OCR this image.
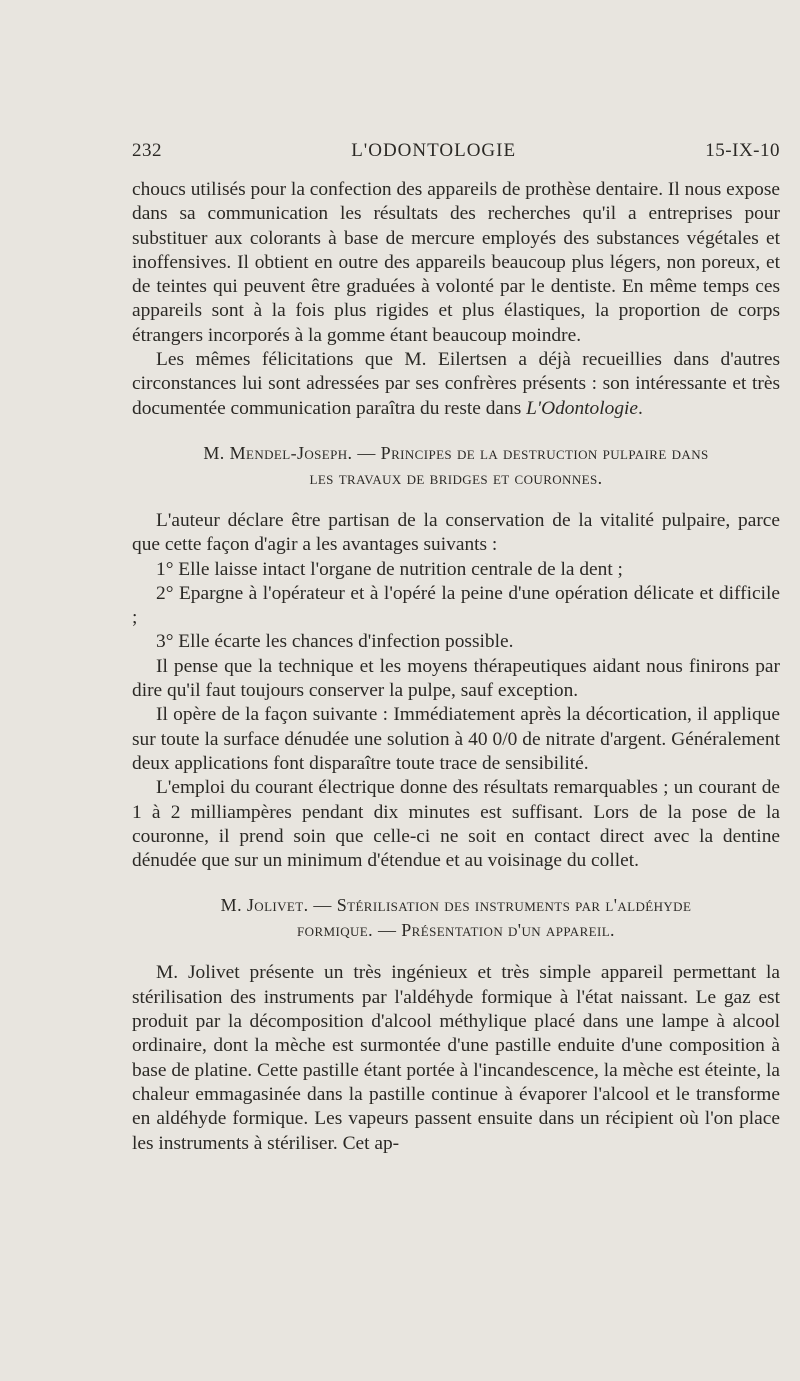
232	L'ODONTOLOGIE	15-IX-10

choucs utilisés pour la confection des appareils de prothèse dentaire. Il nous expose dans sa communication les résultats des recherches qu'il a entreprises pour substituer aux colorants à base de mercure employés des substances végétales et inoffensives. Il obtient en outre des appareils beaucoup plus légers, non poreux, et de teintes qui peuvent être graduées à volonté par le dentiste. En même temps ces appareils sont à la fois plus rigides et plus élastiques, la proportion de corps étrangers incorporés à la gomme étant beaucoup moindre.

Les mêmes félicitations que M. Eilertsen a déjà recueillies dans d'autres circonstances lui sont adressées par ses confrères présents : son intéressante et très documentée communication paraîtra du reste dans L'Odontologie.

M. Mendel-Joseph. — Principes de la destruction pulpaire dans
les travaux de bridges et couronnes.

L'auteur déclare être partisan de la conservation de la vitalité pulpaire, parce que cette façon d'agir a les avantages suivants :

1° Elle laisse intact l'organe de nutrition centrale de la dent ;

2° Epargne à l'opérateur et à l'opéré la peine d'une opération délicate et difficile ;

3° Elle écarte les chances d'infection possible.

Il pense que la technique et les moyens thérapeutiques aidant nous finirons par dire qu'il faut toujours conserver la pulpe, sauf exception.

Il opère de la façon suivante : Immédiatement après la décortication, il applique sur toute la surface dénudée une solution à 40 0/0 de nitrate d'argent. Généralement deux applications font disparaître toute trace de sensibilité.

L'emploi du courant électrique donne des résultats remarquables ; un courant de 1 à 2 milliampères pendant dix minutes est suffisant. Lors de la pose de la couronne, il prend soin que celle-ci ne soit en contact direct avec la dentine dénudée que sur un minimum d'étendue et au voisinage du collet.

M. Jolivet. — Stérilisation des instruments par l'aldéhyde
formique. — Présentation d'un appareil.

M. Jolivet présente un très ingénieux et très simple appareil permettant la stérilisation des instruments par l'aldéhyde formique à l'état naissant. Le gaz est produit par la décomposition d'alcool méthylique placé dans une lampe à alcool ordinaire, dont la mèche est surmontée d'une pastille enduite d'une composition à base de platine. Cette pastille étant portée à l'incandescence, la mèche est éteinte, la chaleur emmagasinée dans la pastille continue à évaporer l'alcool et le transforme en aldéhyde formique. Les vapeurs passent ensuite dans un récipient où l'on place les instruments à stériliser. Cet ap-
